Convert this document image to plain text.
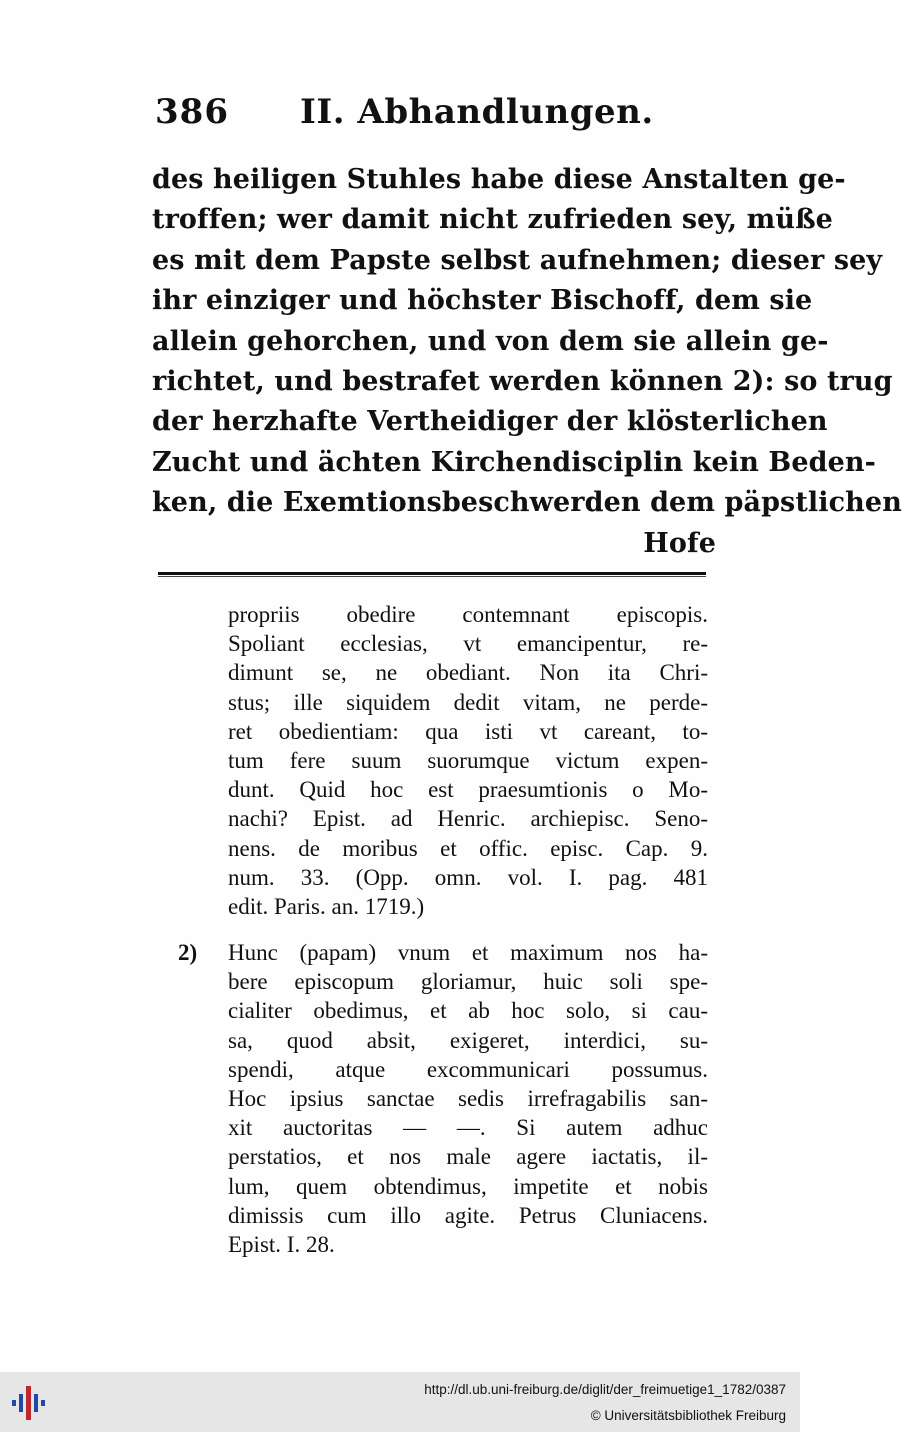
386 II. Abhandlungen.
des heiligen Stuhles habe diese Anstalten ge-
troffen; wer damit nicht zufrieden sey, müße
es mit dem Papste selbst aufnehmen; dieser sey
ihr einziger und höchster Bischoff, dem sie
allein gehorchen, und von dem sie allein ge-
richtet, und bestrafet werden können 2): so trug
der herzhafte Vertheidiger der klösterlichen
Zucht und ächten Kirchendisciplin kein Beden-
ken, die Exemtionsbeschwerden dem päpstlichen
Hofe
propriis obedire contemnant episcopis.
Spoliant ecclesias, vt emancipentur, re-
dimunt se, ne obediant. Non ita Chri-
stus; ille siquidem dedit vitam, ne perde-
ret obedientiam: qua isti vt careant, to-
tum fere suum suorumque victum expen-
dunt. Quid hoc est praesumtionis o Mo-
nachi? Epist. ad Henric. archiepisc. Seno-
nens. de moribus et offic. episc. Cap. 9.
num. 33. (Opp. omn. vol. I. pag. 481
edit. Paris. an. 1719.)
2) Hunc (papam) vnum et maximum nos ha-
bere episcopum gloriamur, huic soli spe-
cialiter obedimus, et ab hoc solo, si cau-
sa, quod absit, exigeret, interdici, su-
spendi, atque excommunicari possumus.
Hoc ipsius sanctae sedis irrefragabilis san-
xit auctoritas — —. Si autem adhuc
perstatios, et nos male agere iactatis, il-
lum, quem obtendimus, impetite et nobis
dimissis cum illo agite. Petrus Cluniacens.
Epist. I. 28.
http://dl.ub.uni-freiburg.de/diglit/der_freimuetige1_1782/0387
© Universitätsbibliothek Freiburg
